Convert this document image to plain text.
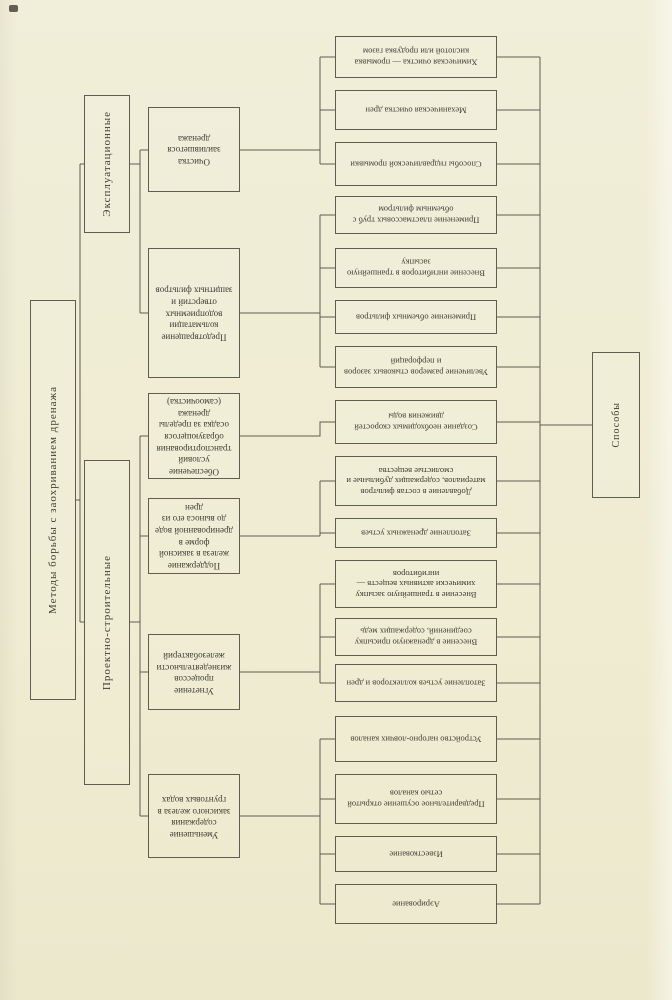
Методы борьбы с заохриванием дренажа
Эксплуатационные
Проектно-строительные
Очистка заилившегося дренажа
Предотвращение кольматации водоприемных отверстий и защитных фильтров
Обеспечение условий транспортирования образующегося осадка за пределы дренажа (самоочистка)
Поддержание железа в закисной форме в дренированной воде до выноса его из дрен
Угнетение процессов жизнедеятельности железобактерий
Уменьшение содержания закисного железа в грунтовых водах
Химическая очистка — промывка кислотой или продувка газом
Механическая очистка дрен
Способы гидравлической промывки
Применение пластмассовых труб с объемным фильтром
Внесение ингибиторов в траншейную засыпку
Применение объемных фильтров
Увеличение размеров стыковых зазоров и перфораций
Создание необходимых скоростей движения воды
Добавление в состав фильтров материалов, содержащих дубильные и смолистые вещества
Затопление дренажных устьев
Внесение в траншейную засыпку химически активных веществ — ингибиторов
Внесение в дренажную присыпку соединений, содержащих медь
Затопление устьев коллекторов и дрен
Устройство нагорно-ловчих каналов
Предварительное осушение открытой сетью каналов
Известкование
Аэрирование
Способы
